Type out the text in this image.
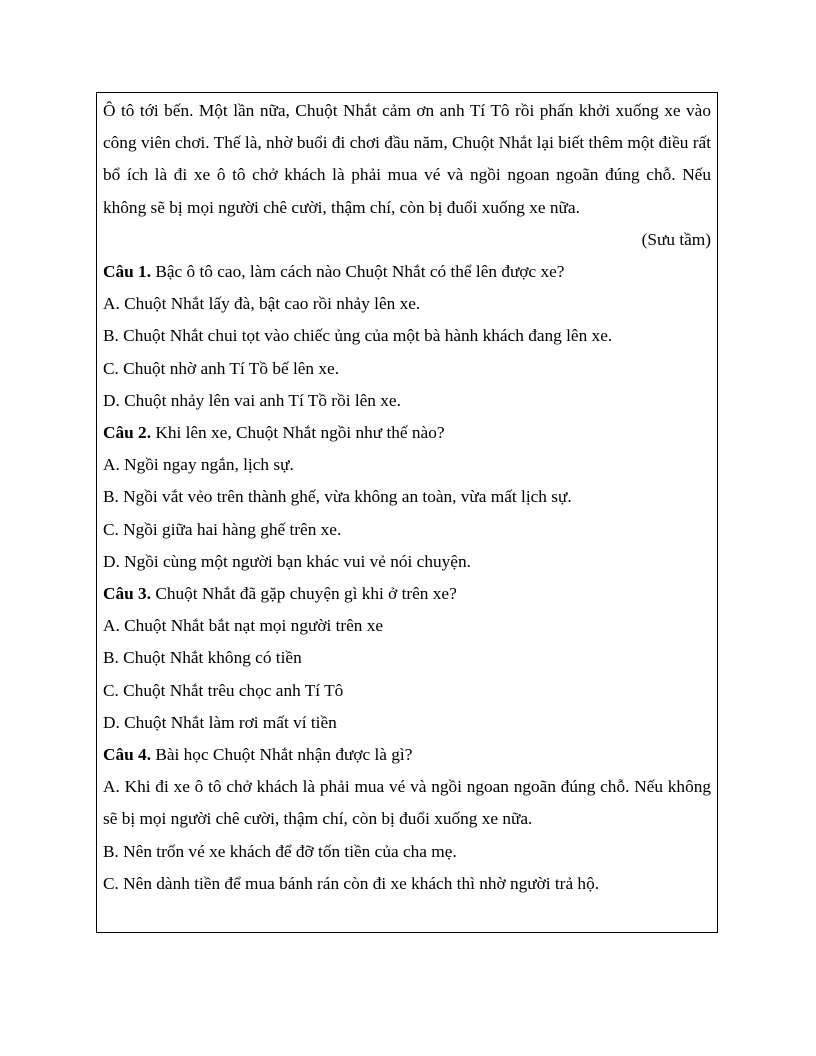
Ô tô tới bến. Một lần nữa, Chuột Nhắt cảm ơn anh Tí Tô rồi phấn khởi xuống xe vào công viên chơi. Thế là, nhờ buổi đi chơi đầu năm, Chuột Nhắt lại biết thêm một điều rất bổ ích là đi xe ô tô chở khách là phải mua vé và ngồi ngoan ngoãn đúng chỗ. Nếu không sẽ bị mọi người chê cười, thậm chí, còn bị đuổi xuống xe nữa.

(Sưu tầm)

Câu 1. Bậc ô tô cao, làm cách nào Chuột Nhắt có thể lên được xe?

A. Chuột Nhắt lấy đà, bật cao rồi nhảy lên xe.

B. Chuột Nhắt chui tọt vào chiếc ủng của một bà hành khách đang lên xe.

C. Chuột nhờ anh Tí Tồ bế lên xe.

D. Chuột nhảy lên vai anh Tí Tồ rồi lên xe.

Câu 2. Khi lên xe, Chuột Nhắt ngồi như thế nào?

A. Ngồi ngay ngắn, lịch sự.

B. Ngồi vắt vẻo trên thành ghế, vừa không an toàn, vừa mất lịch sự.

C. Ngồi giữa hai hàng ghế trên xe.

D. Ngồi cùng một người bạn khác vui vẻ nói chuyện.

Câu 3. Chuột Nhắt đã gặp chuyện gì khi ở trên xe?

A. Chuột Nhắt bắt nạt mọi người trên xe

B. Chuột Nhắt không có tiền

C. Chuột Nhắt trêu chọc anh Tí Tô

D. Chuột Nhắt làm rơi mất ví tiền

Câu 4. Bài học Chuột Nhắt nhận được là gì?

A. Khi đi xe ô tô chở khách là phải mua vé và ngồi ngoan ngoãn đúng chỗ. Nếu không sẽ bị mọi người chê cười, thậm chí, còn bị đuổi xuống xe nữa.

B. Nên trốn vé xe khách để đỡ tốn tiền của cha mẹ.

C. Nên dành tiền để mua bánh rán còn đi xe khách thì nhờ người trả hộ.
